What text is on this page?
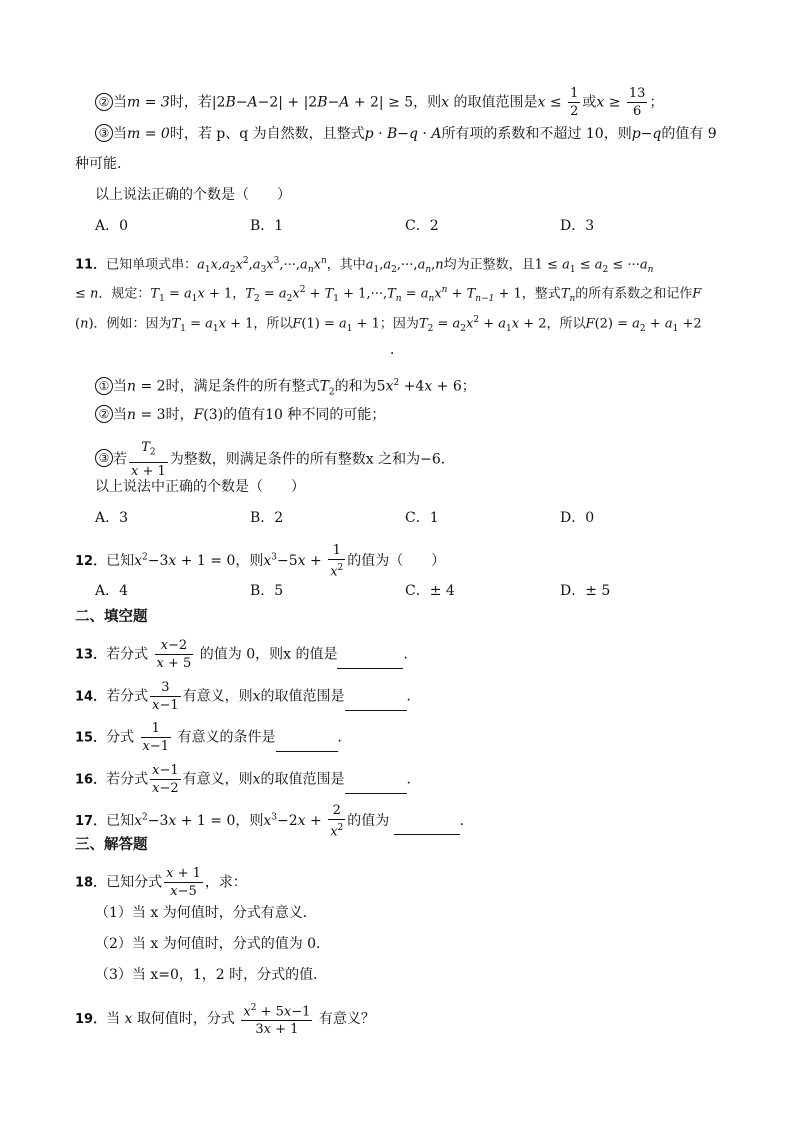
② 当m = 3时，若|2B−A−2| + |2B−A + 2| ≥ 5，则x 的取值范围是$x \le \frac{1}{2}$ 或$x \ge \frac{13}{6}$ ；
③ 当m = 0时，若 p、q 为自然数，且整式p · B−q · A所有项的系数和不超过 10，则p−q的值有 9
种可能．
以上说法正确的个数是（　　）
A．0	B．1	C．2	D．3
11．已知单项式串：$a_1x,a_2x^2,a_3x^3,\cdot\cdot\cdot,a_nx^n$，其中$a_1,a_2,\cdot\cdot\cdot,a_n,n$均为正整数，且$1 \le a_1 \le a_2 \le \cdot\cdot\cdot a_n$
≤ n．规定：$T_1 = a_1x + 1$，$T_2 = a_2x^2 + T_1 + 1,\cdot\cdot\cdot,T_n = a_nx^n + T_{n-1} + 1$，整式$T_n$的所有系数之和记作F
(n)．例如：因为$T_1 = a_1x + 1$，所以$F(1) = a_1 + 1$；因为$T_2 = a_2x^2 + a_1x + 2$，所以$F(2) = a_2 + a_1 +2$
．
① 当n = 2时，满足条件的所有整式$T_2$的和为$5x^2 +4x + 6$；
② 当n = 3时，F(3)的值有10 种不同的可能；
③ 若 $\frac{T_2}{x + 1}$ 为整数，则满足条件的所有整数x 之和为−6．
以上说法中正确的个数是（　　）
A．3	B．2	C．1	D．0
12．已知$x^2-3x + 1 = 0$，则$x^3-5x + \frac{1}{x^2}$ 的值为（　　）
A．4	B．5	C．± 4	D．± 5
二、填空题
13．若分式 $\frac{x-2}{x + 5}$ 的值为 0，则x 的值是	．
14．若分式 $\frac{3}{x-1}$ 有意义，则x的取值范围是	．
15．分式 $\frac{1}{x-1}$ 有意义的条件是	．
16．若分式 $\frac{x-1}{x-2}$ 有意义，则x的取值范围是	．
17．已知$x^2-3x + 1 = 0$，则$x^3-2x + \frac{2}{x^2}$ 的值为	．
三、解答题
18．已知分式 $\frac{x + 1}{x-5}$ ，求：
（1）当 x 为何值时，分式有意义．
（2）当 x 为何值时，分式的值为 0．
（3）当 x=0，1，2 时，分式的值．
19．当 x 取何值时，分式 $\frac{x^2 + 5x-1}{3x + 1}$ 有意义？
